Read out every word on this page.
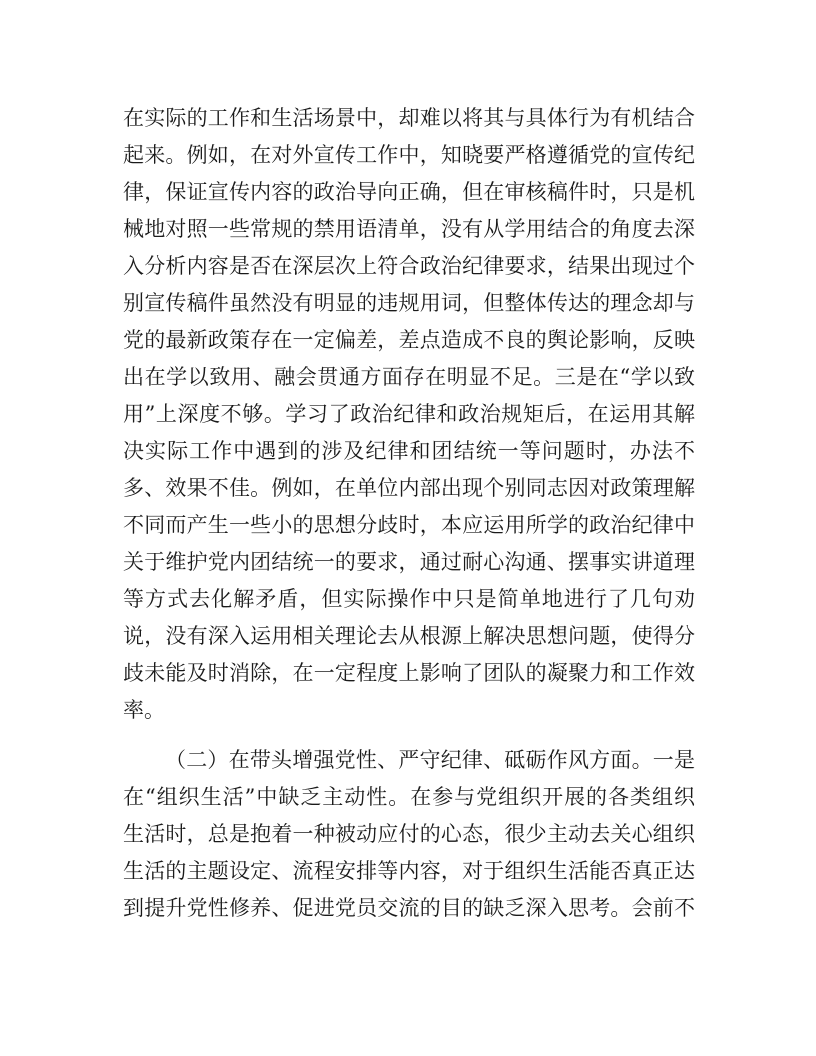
在实际的工作和生活场景中，却难以将其与具体行为有机结合
起来。例如，在对外宣传工作中，知晓要严格遵循党的宣传纪
律，保证宣传内容的政治导向正确，但在审核稿件时，只是机
械地对照一些常规的禁用语清单，没有从学用结合的角度去深
入分析内容是否在深层次上符合政治纪律要求，结果出现过个
别宣传稿件虽然没有明显的违规用词，但整体传达的理念却与
党的最新政策存在一定偏差，差点造成不良的舆论影响，反映
出在学以致用、融会贯通方面存在明显不足。三是在“学以致
用”上深度不够。学习了政治纪律和政治规矩后，在运用其解
决实际工作中遇到的涉及纪律和团结统一等问题时，办法不
多、效果不佳。例如，在单位内部出现个别同志因对政策理解
不同而产生一些小的思想分歧时，本应运用所学的政治纪律中
关于维护党内团结统一的要求，通过耐心沟通、摆事实讲道理
等方式去化解矛盾，但实际操作中只是简单地进行了几句劝
说，没有深入运用相关理论去从根源上解决思想问题，使得分
歧未能及时消除，在一定程度上影响了团队的凝聚力和工作效
率。
（二）在带头增强党性、严守纪律、砥砺作风方面。一是
在“组织生活”中缺乏主动性。在参与党组织开展的各类组织
生活时，总是抱着一种被动应付的心态，很少主动去关心组织
生活的主题设定、流程安排等内容，对于组织生活能否真正达
到提升党性修养、促进党员交流的目的缺乏深入思考。会前不
